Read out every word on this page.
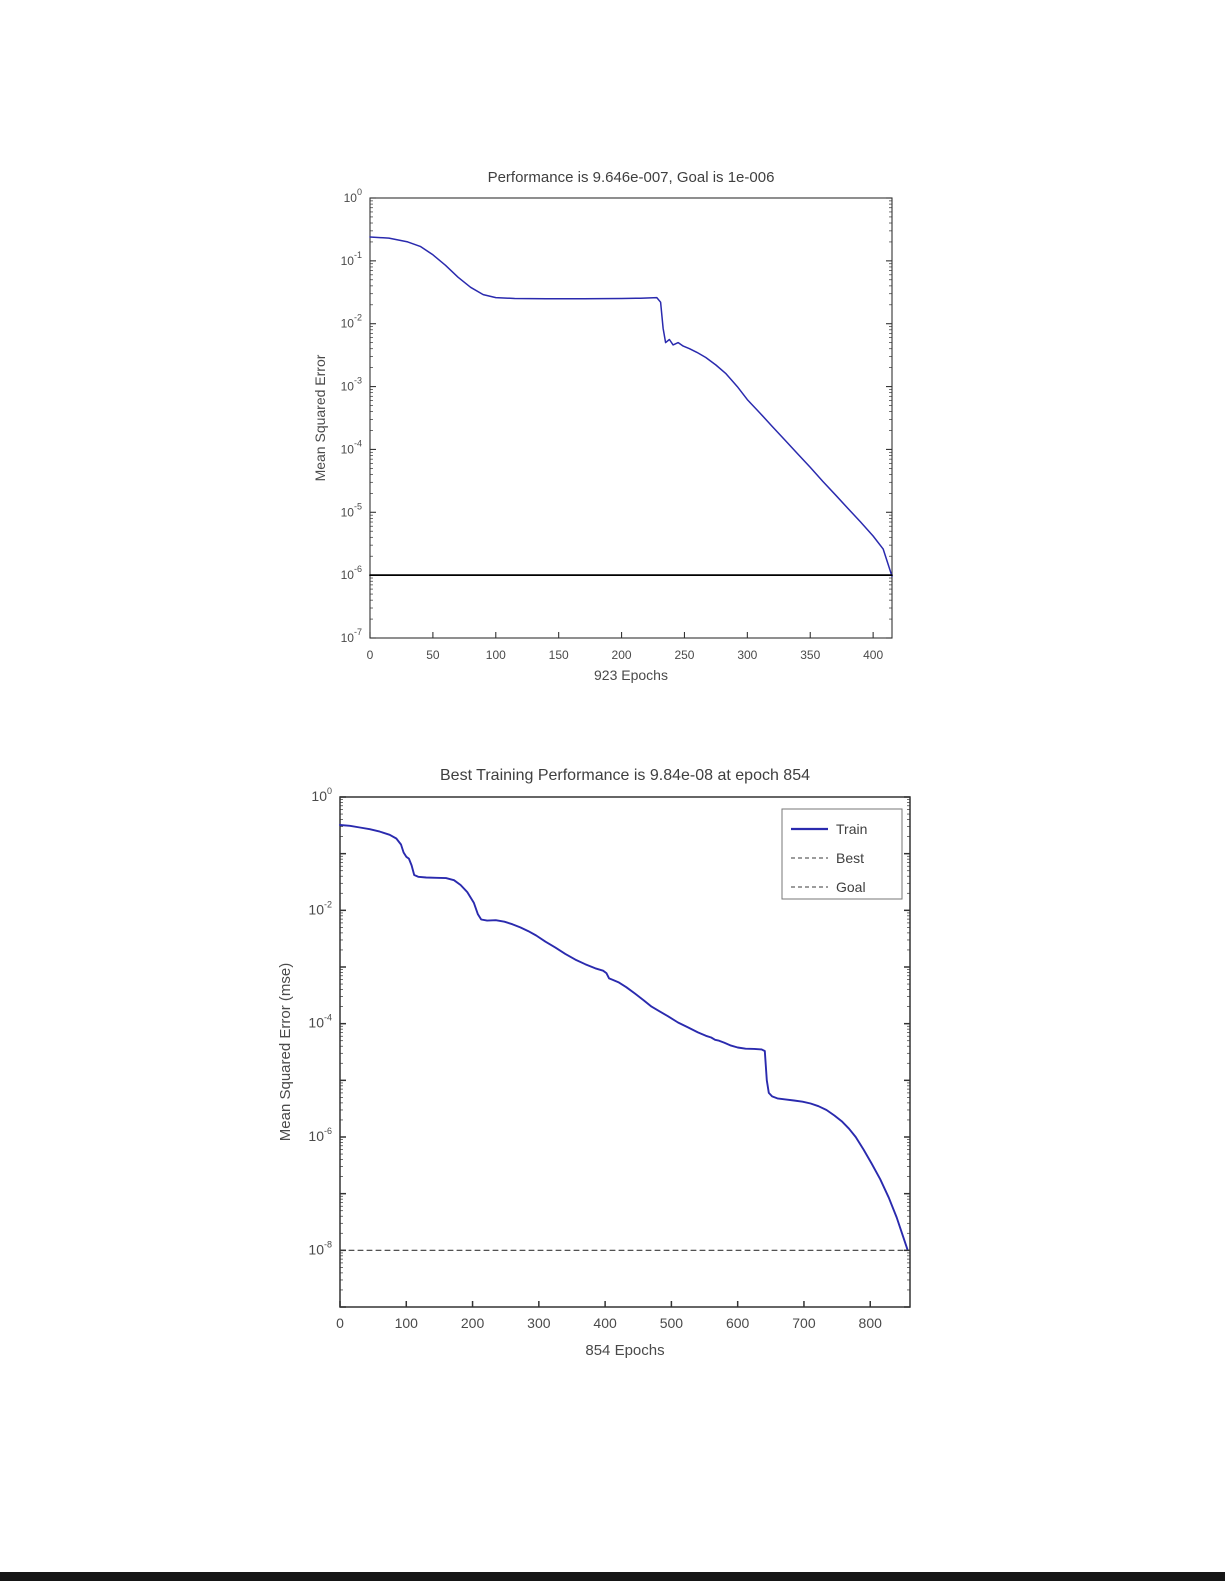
Performance is 9.646e-007, Goal is 1e-006
Mean Squared Error
923 Epochs
0	50	100	150	200	250	300	350	400
$10^0$
$10^{-1}$
$10^{-2}$
$10^{-3}$
$10^{-4}$
$10^{-5}$
$10^{-6}$
$10^{-7}$
Best Training Performance is 9.84e-08 at epoch 854
Mean Squared Error (mse)
854 Epochs
0	100	200	300	400	500	600	700	800
$10^0$
$10^{-2}$
$10^{-4}$
$10^{-6}$
$10^{-8}$
Train
Best
Goal
